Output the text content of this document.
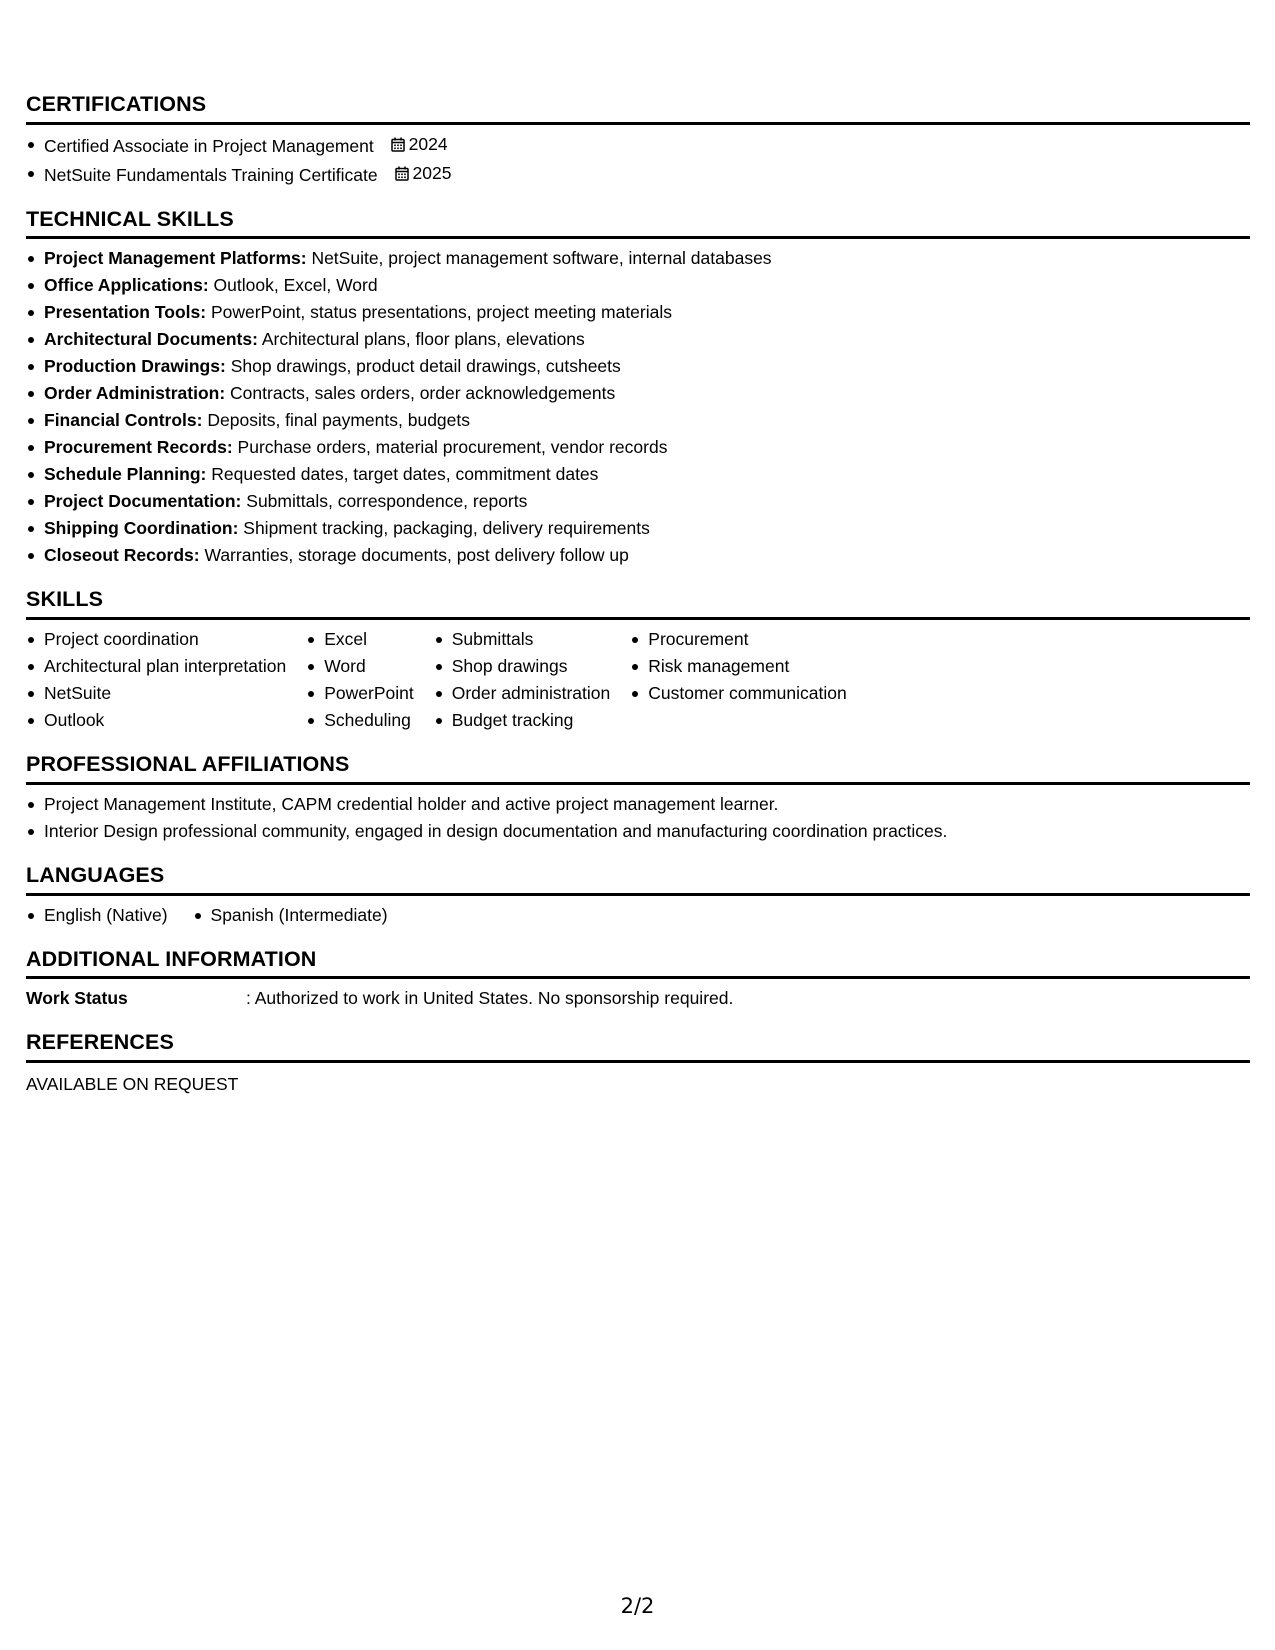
CERTIFICATIONS
Certified Associate in Project Management 2024
NetSuite Fundamentals Training Certificate 2025
TECHNICAL SKILLS
Project Management Platforms: NetSuite, project management software, internal databases
Office Applications: Outlook, Excel, Word
Presentation Tools: PowerPoint, status presentations, project meeting materials
Architectural Documents: Architectural plans, floor plans, elevations
Production Drawings: Shop drawings, product detail drawings, cutsheets
Order Administration: Contracts, sales orders, order acknowledgements
Financial Controls: Deposits, final payments, budgets
Procurement Records: Purchase orders, material procurement, vendor records
Schedule Planning: Requested dates, target dates, commitment dates
Project Documentation: Submittals, correspondence, reports
Shipping Coordination: Shipment tracking, packaging, delivery requirements
Closeout Records: Warranties, storage documents, post delivery follow up
SKILLS
Project coordination
Architectural plan interpretation
NetSuite
Outlook
Excel
Word
PowerPoint
Scheduling
Submittals
Shop drawings
Order administration
Budget tracking
Procurement
Risk management
Customer communication
PROFESSIONAL AFFILIATIONS
Project Management Institute, CAPM credential holder and active project management learner.
Interior Design professional community, engaged in design documentation and manufacturing coordination practices.
LANGUAGES
English (Native)	Spanish (Intermediate)
ADDITIONAL INFORMATION
Work Status	: Authorized to work in United States. No sponsorship required.
REFERENCES
AVAILABLE ON REQUEST
2/2
